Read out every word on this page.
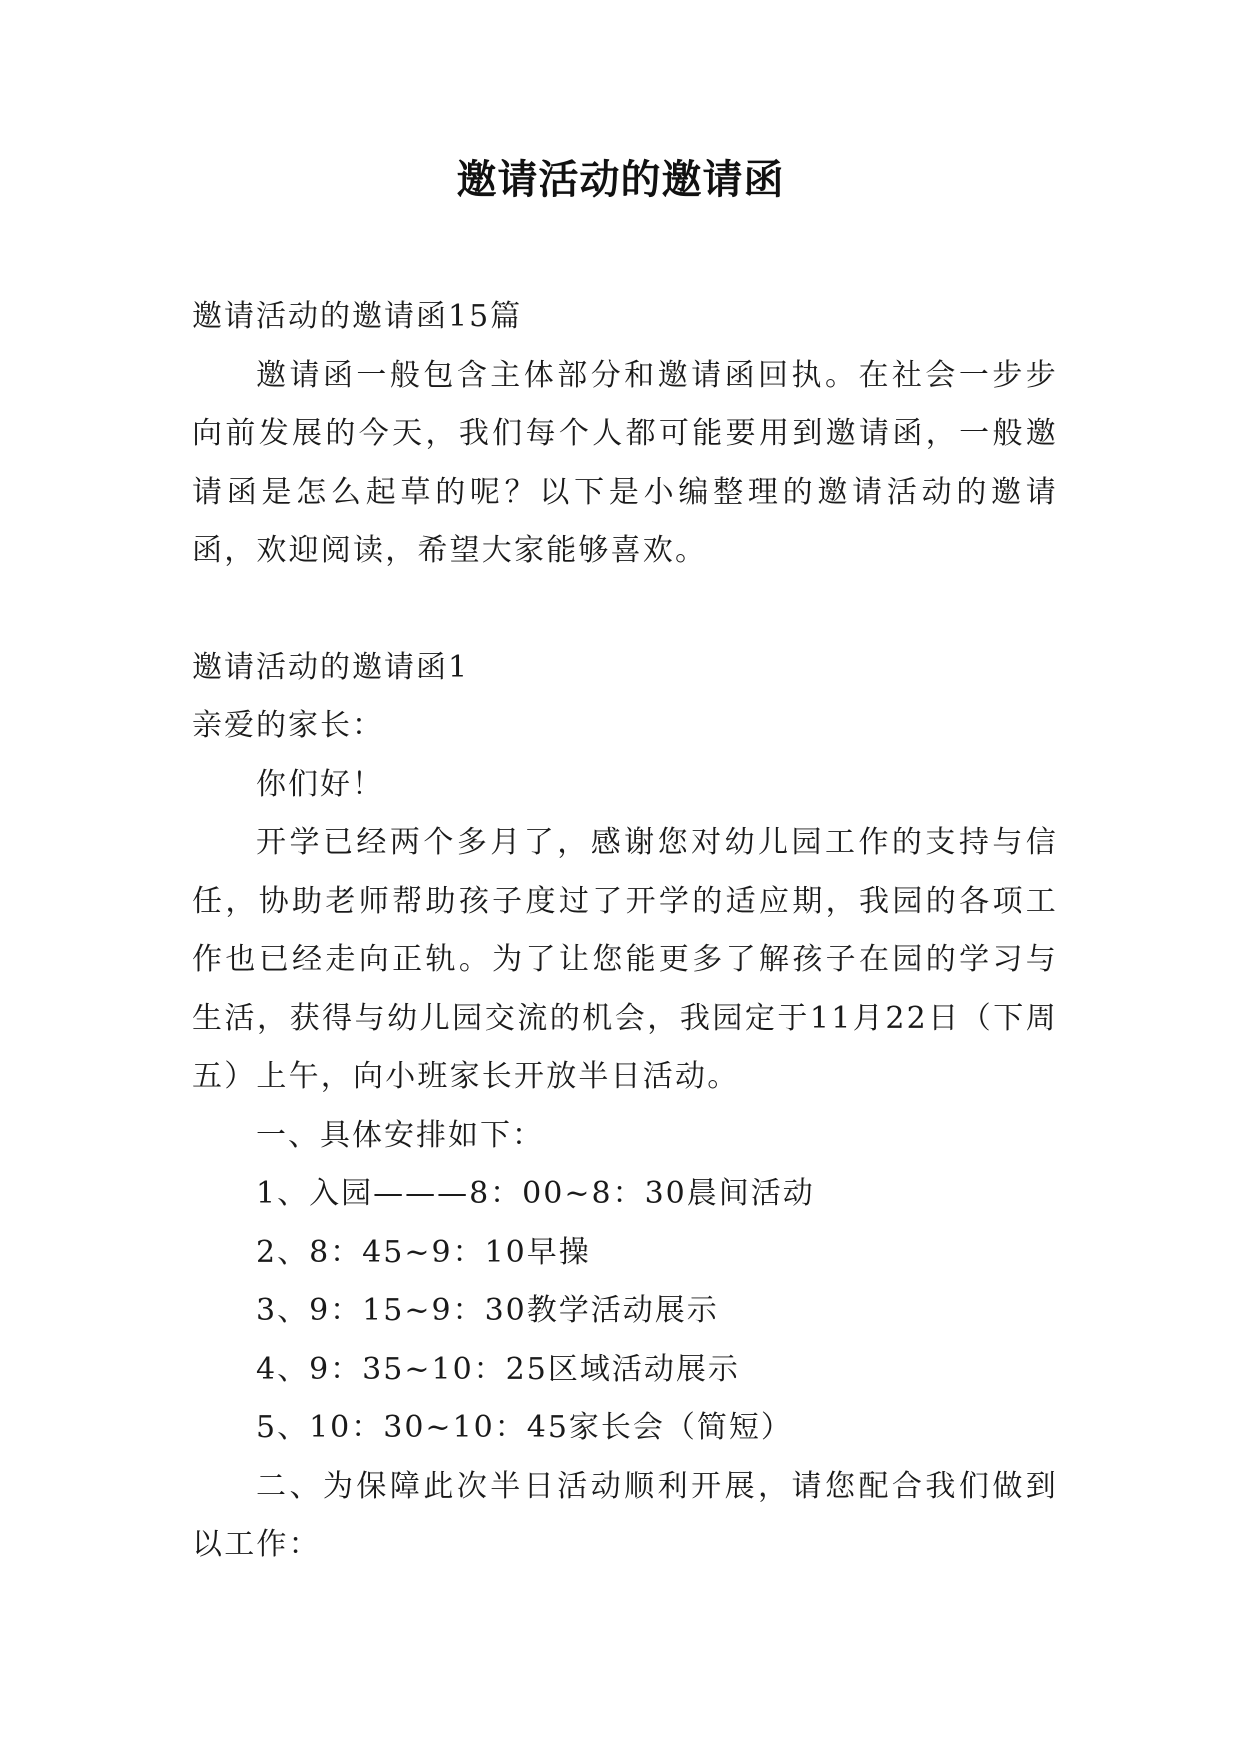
邀请活动的邀请函

邀请活动的邀请函15篇

邀请函一般包含主体部分和邀请函回执。在社会一步步向前发展的今天，我们每个人都可能要用到邀请函，一般邀请函是怎么起草的呢？以下是小编整理的邀请活动的邀请函，欢迎阅读，希望大家能够喜欢。

邀请活动的邀请函1

亲爱的家长：

你们好！

开学已经两个多月了，感谢您对幼儿园工作的支持与信任，协助老师帮助孩子度过了开学的适应期，我园的各项工作也已经走向正轨。为了让您能更多了解孩子在园的学习与生活，获得与幼儿园交流的机会，我园定于11月22日（下周五）上午，向小班家长开放半日活动。

一、具体安排如下：

1、入园———8：00~8：30晨间活动

2、8：45~9：10早操

3、9：15~9：30教学活动展示

4、9：35~10：25区域活动展示

5、10：30~10：45家长会（简短）

二、为保障此次半日活动顺利开展，请您配合我们做到以工作：
